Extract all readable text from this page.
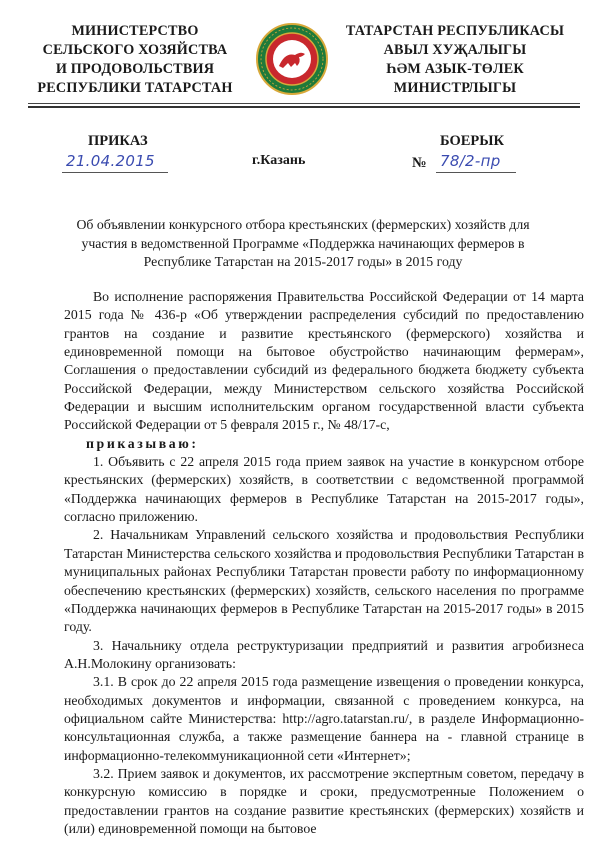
МИНИСТЕРСТВО
СЕЛЬСКОГО ХОЗЯЙСТВА
И ПРОДОВОЛЬСТВИЯ
РЕСПУБЛИКИ ТАТАРСТАН
ТАТАРСТАН РЕСПУБЛИКАСЫ
АВЫЛ ХУҖАЛЫГЫ
ҺӘМ АЗЫК-ТӨЛЕК
МИНИСТРЛЫГЫ
ПРИКАЗ
21.04.2015	г.Казань
БОЕРЫК
№ 78/2-пр
Об объявлении конкурсного отбора крестьянских (фермерских) хозяйств для участия в ведомственной Программе «Поддержка начинающих фермеров в Республике Татарстан на 2015-2017 годы» в 2015 году

Во исполнение распоряжения Правительства Российской Федерации от 14 марта 2015 года № 436-р «Об утверждении распределения субсидий по предоставлению грантов на создание и развитие крестьянского (фермерского) хозяйства и единовременной помощи на бытовое обустройство начинающим фермерам», Соглашения о предоставлении субсидий из федерального бюджета бюджету субъекта Российской Федерации, между Министерством сельского хозяйства Российской Федерации и высшим исполнительским органом государственной власти субъекта Российской Федерации от 5 февраля 2015 г., № 48/17-с,

приказываю:

1. Объявить с 22 апреля 2015 года прием заявок на участие в конкурсном отборе крестьянских (фермерских) хозяйств, в соответствии с ведомственной программой «Поддержка начинающих фермеров в Республике Татарстан на 2015-2017 годы», согласно приложению.

2. Начальникам Управлений сельского хозяйства и продовольствия Республики Татарстан Министерства сельского хозяйства и продовольствия Республики Татарстан в муниципальных районах Республики Татарстан провести работу по информационному обеспечению крестьянских (фермерских) хозяйств, сельского населения по программе «Поддержка начинающих фермеров в Республике Татарстан на 2015-2017 годы» в 2015 году.

3. Начальнику отдела реструктуризации предприятий и развития агробизнеса А.Н.Молокину организовать:

3.1. В срок до 22 апреля 2015 года размещение извещения о проведении конкурса, необходимых документов и информации, связанной с проведением конкурса, на официальном сайте Министерства: http://agro.tatarstan.ru/, в разделе Информационно-консультационная служба, а также размещение баннера на - главной странице в информационно-телекоммуникационной сети «Интернет»;

3.2. Прием заявок и документов, их рассмотрение экспертным советом, передачу в конкурсную комиссию в порядке и сроки, предусмотренные Положением о предоставлении грантов на создание развитие крестьянских (фермерских) хозяйств и (или) единовременной помощи на бытовое
